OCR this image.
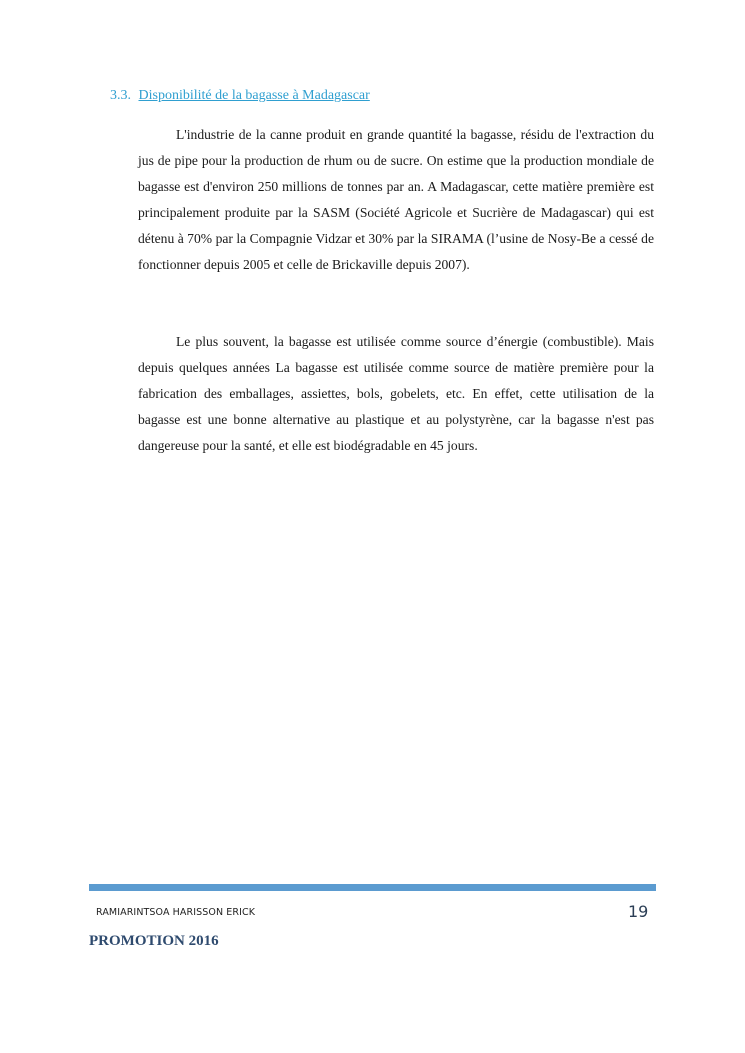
3.3. Disponibilité de la bagasse à Madagascar

L'industrie de la canne produit en grande quantité la bagasse, résidu de l'extraction du jus de pipe pour la production de rhum ou de sucre. On estime que la production mondiale de bagasse est d'environ 250 millions de tonnes par an. A Madagascar, cette matière première est principalement produite par la SASM (Société Agricole et Sucrière de Madagascar) qui est détenu à 70% par la Compagnie Vidzar et 30% par la SIRAMA (l’usine de Nosy-Be a cessé de fonctionner depuis 2005 et celle de Brickaville depuis 2007).

Le plus souvent, la bagasse est utilisée comme source d’énergie (combustible). Mais depuis quelques années La bagasse est utilisée comme source de matière première pour la fabrication des emballages, assiettes, bols, gobelets, etc. En effet, cette utilisation de la bagasse est une bonne alternative au plastique et au polystyrène, car la bagasse n'est pas dangereuse pour la santé, et elle est biodégradable en 45 jours.

RAMIARINTSOA HARISSON ERICK	19
PROMOTION 2016
